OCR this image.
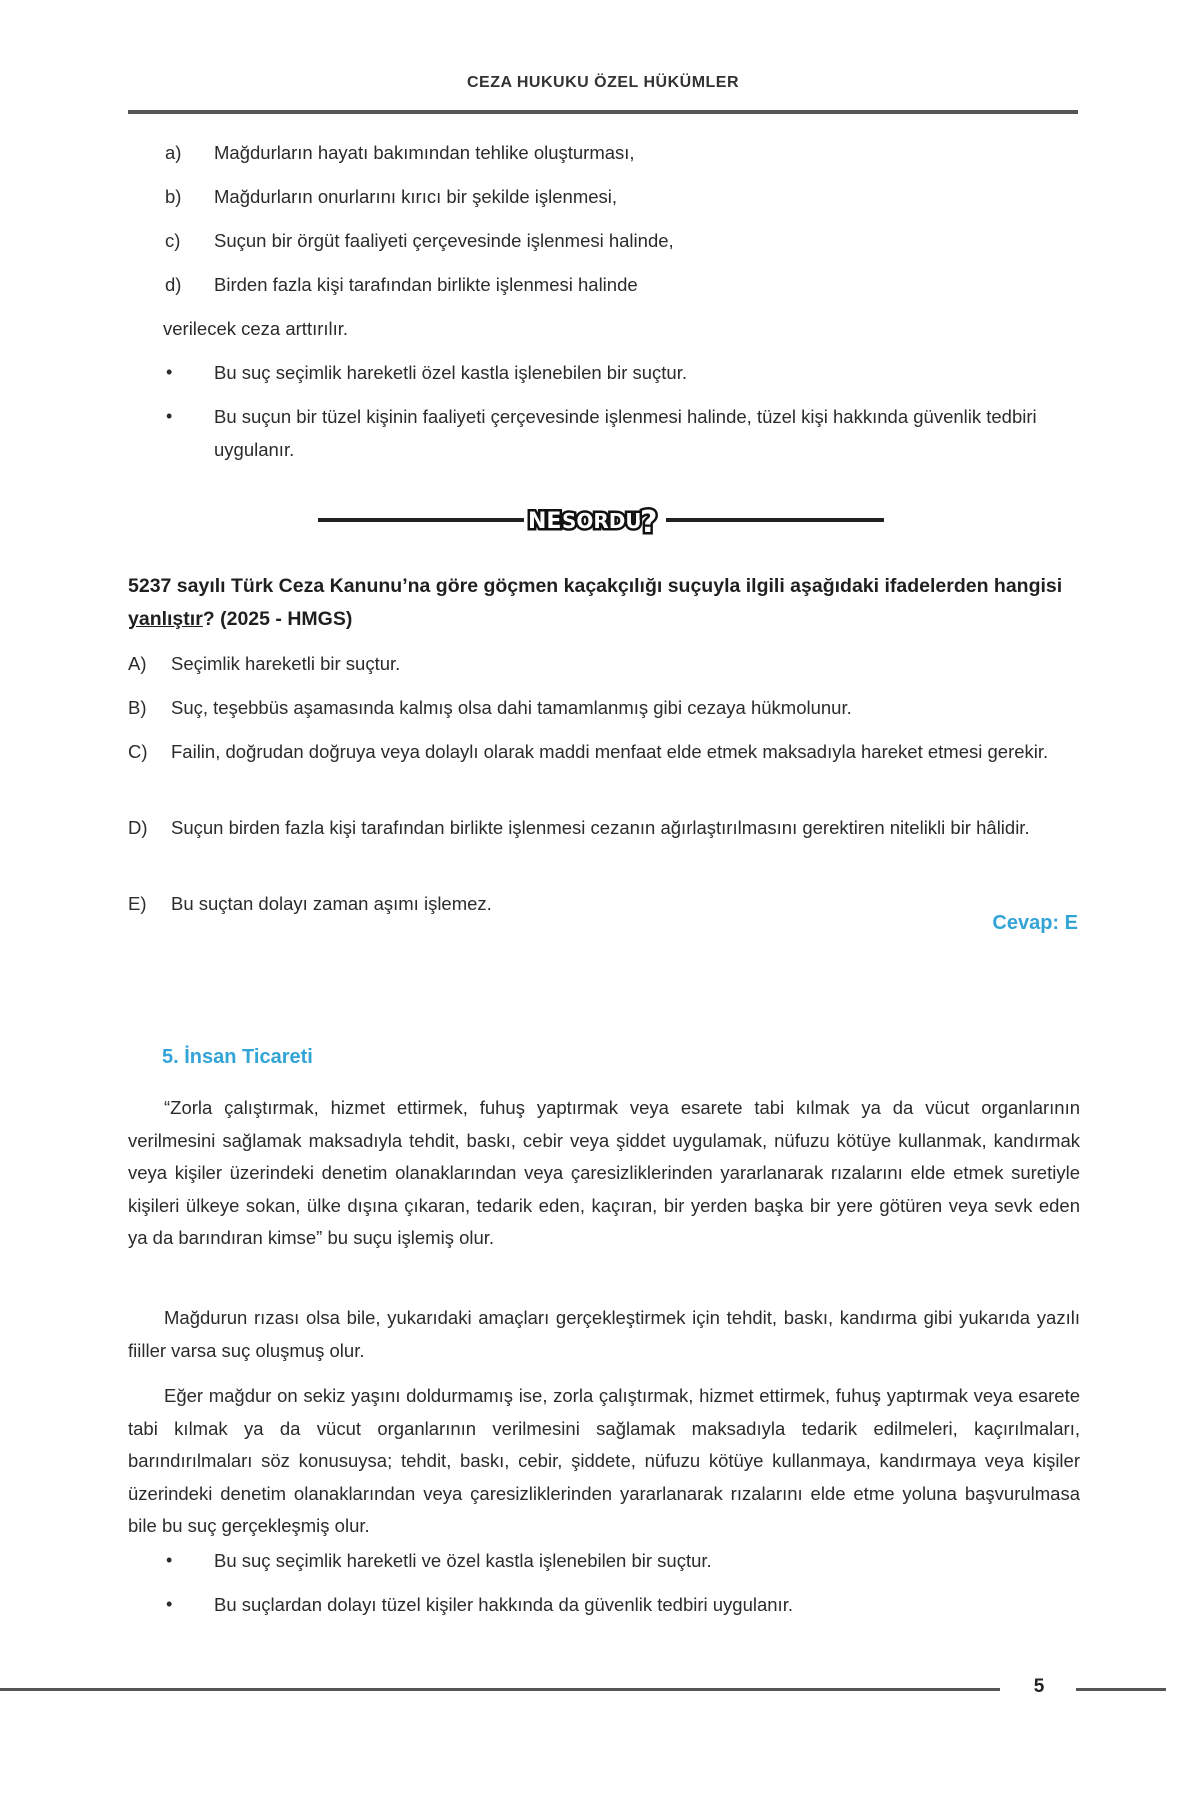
CEZA HUKUKU ÖZEL HÜKÜMLER
a)	Mağdurların hayatı bakımından tehlike oluşturması,
b)	Mağdurların onurlarını kırıcı bir şekilde işlenmesi,
c)	Suçun bir örgüt faaliyeti çerçevesinde işlenmesi halinde,
d)	Birden fazla kişi tarafından birlikte işlenmesi halinde
verilecek ceza arttırılır.
• Bu suç seçimlik hareketli özel kastla işlenebilen bir suçtur.
• Bu suçun bir tüzel kişinin faaliyeti çerçevesinde işlenmesi halinde, tüzel kişi hakkında güvenlik tedbiri uygulanır.
NE SORDU
?
5237 sayılı Türk Ceza Kanunu’na göre göçmen kaçakçılığı suçuyla ilgili aşağıdaki ifadelerden hangisi yanlıştır? (2025 - HMGS)
A)	Seçimlik hareketli bir suçtur.
B)	Suç, teşebbüs aşamasında kalmış olsa dahi tamamlanmış gibi cezaya hükmolunur.
C)	Failin, doğrudan doğruya veya dolaylı olarak maddi menfaat elde etmek maksadıyla hareket etmesi gerekir.
D)	Suçun birden fazla kişi tarafından birlikte işlenmesi cezanın ağırlaştırılmasını gerektiren nitelikli bir hâlidir.
E)	Bu suçtan dolayı zaman aşımı işlemez.
Cevap: E
5. İnsan Ticareti
“Zorla çalıştırmak, hizmet ettirmek, fuhuş yaptırmak veya esarete tabi kılmak ya da vücut organlarının verilmesini sağlamak maksadıyla tehdit, baskı, cebir veya şiddet uygulamak, nüfuzu kötüye kullanmak, kandırmak veya kişiler üzerindeki denetim olanaklarından veya çaresizliklerinden yararlanarak rızalarını elde etmek suretiyle kişileri ülkeye sokan, ülke dışına çıkaran, tedarik eden, kaçıran, bir yerden başka bir yere götüren veya sevk eden ya da barındıran kimse” bu suçu işlemiş olur.
Mağdurun rızası olsa bile, yukarıdaki amaçları gerçekleştirmek için tehdit, baskı, kandırma gibi yukarıda yazılı fiiller varsa suç oluşmuş olur.
Eğer mağdur on sekiz yaşını doldurmamış ise, zorla çalıştırmak, hizmet ettirmek, fuhuş yaptırmak veya esarete tabi kılmak ya da vücut organlarının verilmesini sağlamak maksadıyla tedarik edilmeleri, kaçırılmaları, barındırılmaları söz konusuysa; tehdit, baskı, cebir, şiddete, nüfuzu kötüye kullanmaya, kandırmaya veya kişiler üzerindeki denetim olanaklarından veya çaresizliklerinden yararlanarak rızalarını elde etme yoluna başvurulmasa bile bu suç gerçekleşmiş olur.
• Bu suç seçimlik hareketli ve özel kastla işlenebilen bir suçtur.
• Bu suçlardan dolayı tüzel kişiler hakkında da güvenlik tedbiri uygulanır.
5
